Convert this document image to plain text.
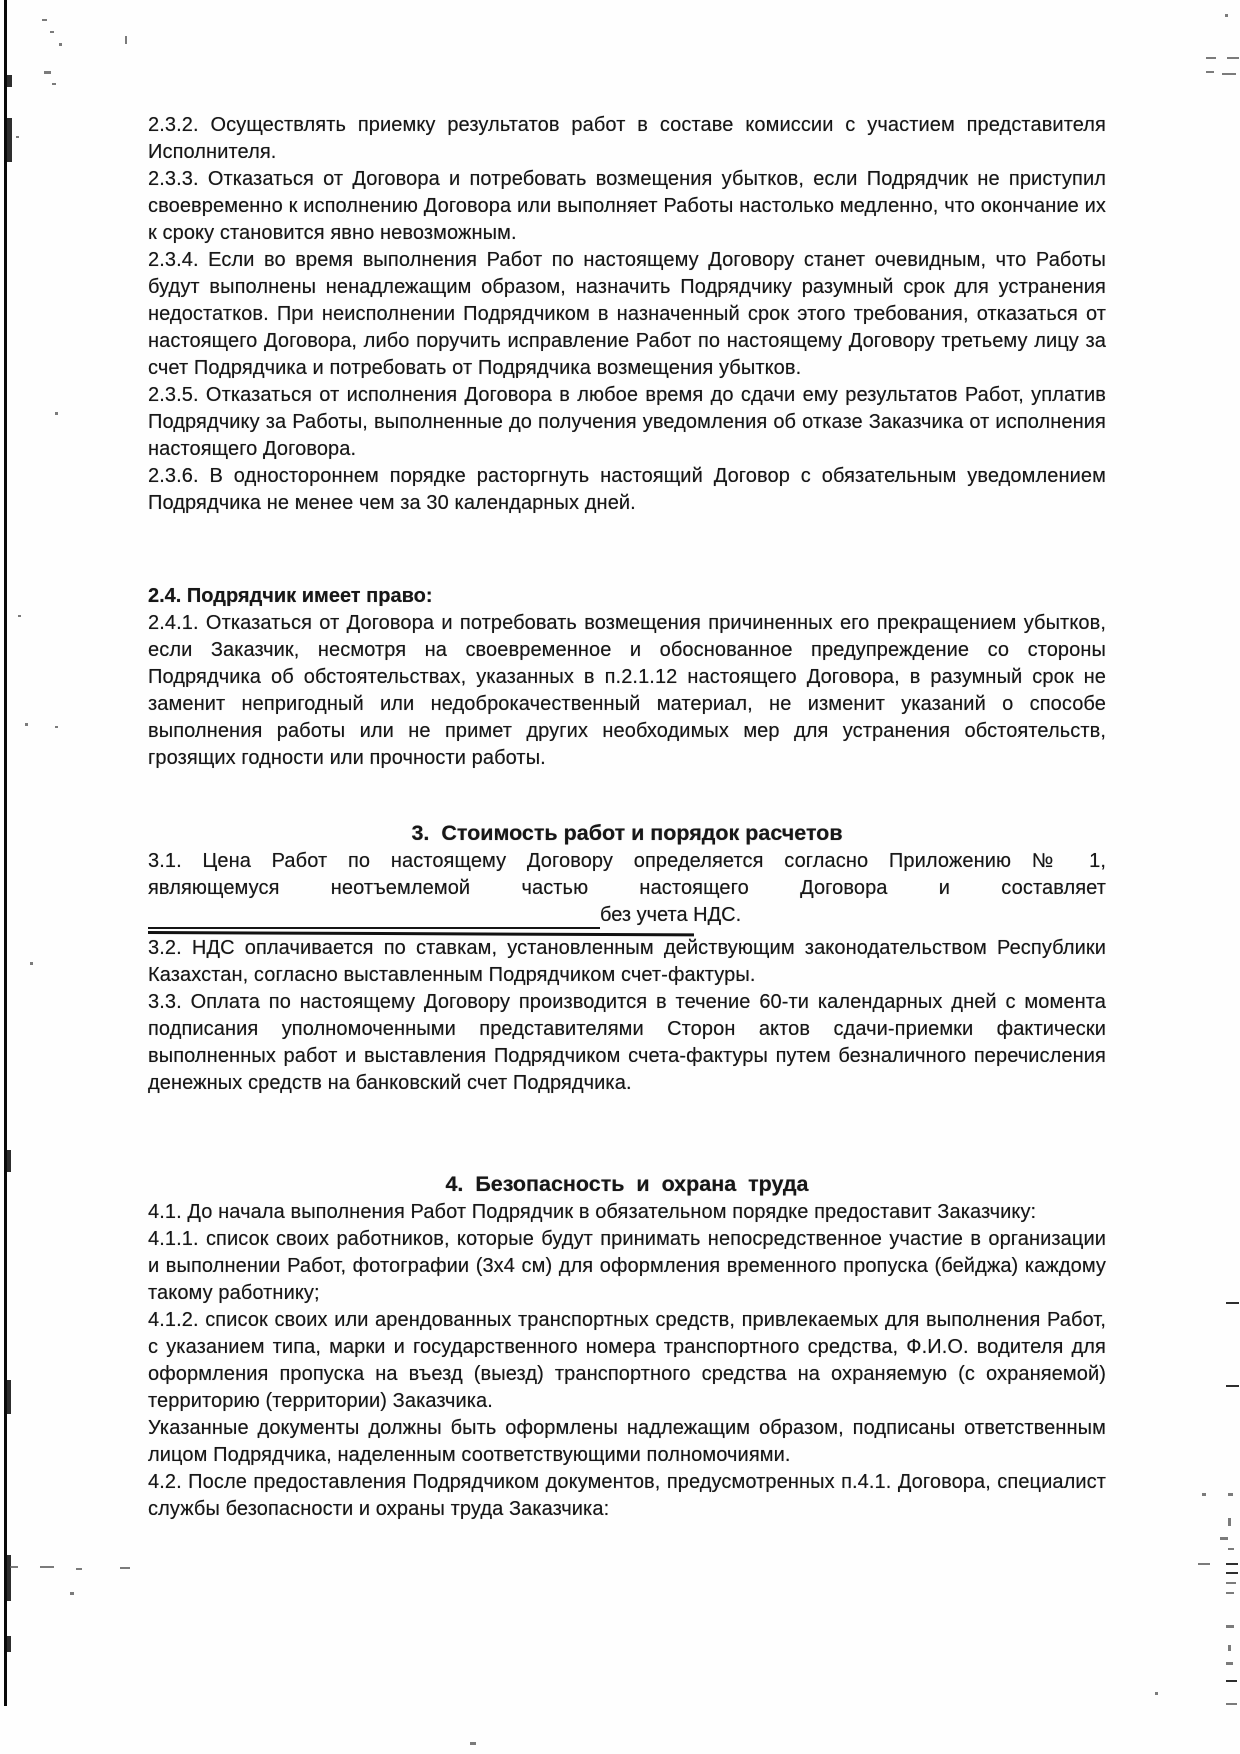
2.3.2. Осуществлять приемку результатов работ в составе комиссии с участием представителя Исполнителя.

2.3.3. Отказаться от Договора и потребовать возмещения убытков, если Подрядчик не приступил своевременно к исполнению Договора или выполняет Работы настолько медленно, что окончание их к сроку становится явно невозможным.

2.3.4. Если во время выполнения Работ по настоящему Договору станет очевидным, что Работы будут выполнены ненадлежащим образом, назначить Подрядчику разумный срок для устранения недостатков. При неисполнении Подрядчиком в назначенный срок этого требования, отказаться от настоящего Договора, либо поручить исправление Работ по настоящему Договору третьему лицу за счет Подрядчика и потребовать от Подрядчика возмещения убытков.

2.3.5. Отказаться от исполнения Договора в любое время до сдачи ему результатов Работ, уплатив Подрядчику за Работы, выполненные до получения уведомления об отказе Заказчика от исполнения настоящего Договора.

2.3.6. В одностороннем порядке расторгнуть настоящий Договор с обязательным уведомлением Подрядчика не менее чем за 30 календарных дней.

2.4. Подрядчик имеет право:

2.4.1. Отказаться от Договора и потребовать возмещения причиненных его прекращением убытков, если Заказчик, несмотря на своевременное и обоснованное предупреждение со стороны Подрядчика об обстоятельствах, указанных в п.2.1.12 настоящего Договора, в разумный срок не заменит непригодный или недоброкачественный материал, не изменит указаний о способе выполнения работы или не примет других необходимых мер для устранения обстоятельств, грозящих годности или прочности работы.

3.  Стоимость работ и порядок расчетов

3.1. Цена Работ по настоящему Договору определяется согласно Приложению № 1,

являющемуся неотъемлемой частью настоящего Договора и составляет

без учета НДС.

3.2. НДС оплачивается по ставкам, установленным действующим законодательством Республики Казахстан, согласно выставленным Подрядчиком счет-фактуры.

3.3. Оплата по настоящему Договору производится в течение 60-ти календарных дней с момента подписания уполномоченными представителями Сторон актов сдачи-приемки фактически выполненных работ и выставления Подрядчиком счета-фактуры путем безналичного перечисления денежных средств на банковский счет Подрядчика.

4.  Безопасность  и  охрана  труда

4.1. До начала выполнения Работ Подрядчик в обязательном порядке предоставит Заказчику:

4.1.1. список своих работников, которые будут принимать непосредственное участие в организации и выполнении Работ, фотографии (3х4 см) для оформления временного пропуска (бейджа) каждому такому работнику;

4.1.2. список своих или арендованных транспортных средств, привлекаемых для выполнения Работ, с указанием типа, марки и государственного номера транспортного средства, Ф.И.О. водителя для оформления пропуска на въезд (выезд) транспортного средства на охраняемую (с охраняемой) территорию (территории) Заказчика.

Указанные документы должны быть оформлены надлежащим образом, подписаны ответственным лицом Подрядчика, наделенным соответствующими полномочиями.

4.2. После предоставления Подрядчиком документов, предусмотренных п.4.1. Договора, специалист службы безопасности и охраны труда Заказчика:
